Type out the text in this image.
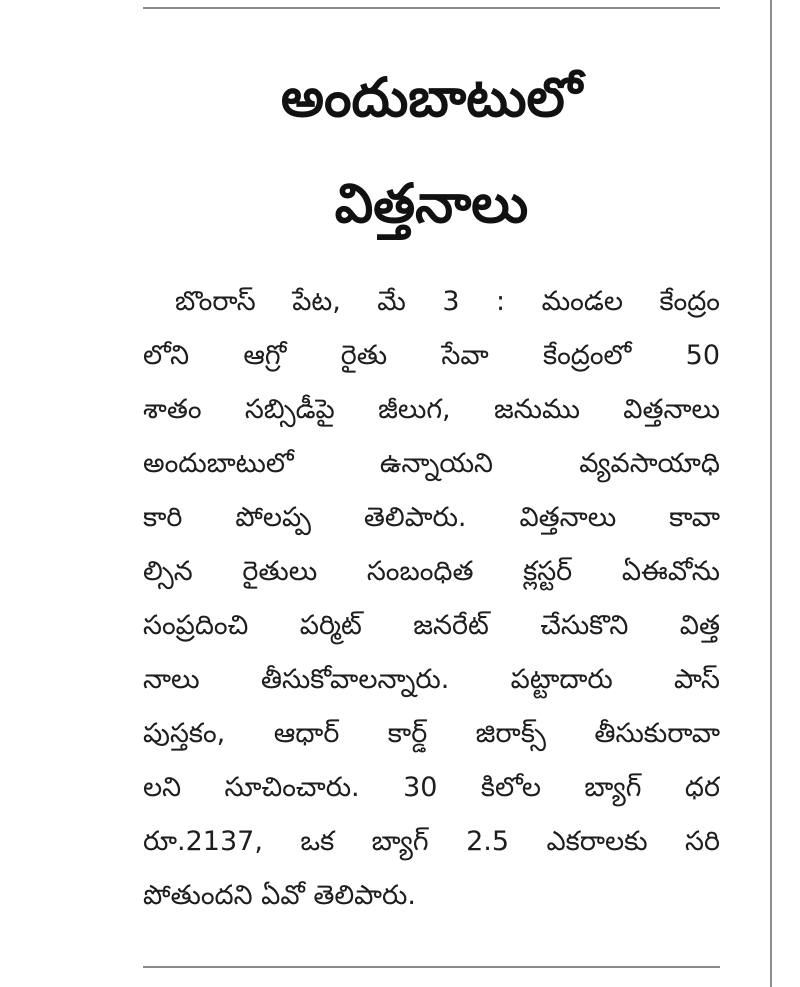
అందుబాటులో
విత్తనాలు
బొంరాస్ పేట, మే 3 : మండల కేంద్రం
లోని ఆగ్రో రైతు సేవా కేంద్రంలో 50
శాతం సబ్సిడీపై జీలుగ, జనుము విత్తనాలు
అందుబాటులో ఉన్నాయని వ్యవసాయాధి
కారి పోలప్ప తెలిపారు. విత్తనాలు కావా
ల్సిన రైతులు సంబంధిత క్లస్టర్ ఏఈవోను
సంప్రదించి పర్మిట్ జనరేట్ చేసుకొని విత్త
నాలు తీసుకోవాలన్నారు. పట్టాదారు పాస్
పుస్తకం, ఆధార్ కార్డ్ జిరాక్స్ తీసుకురావా
లని సూచించారు. 30 కిలోల బ్యాగ్ ధర
రూ.2137, ఒక బ్యాగ్ 2.5 ఎకరాలకు సరి
పోతుందని ఏవో తెలిపారు.
